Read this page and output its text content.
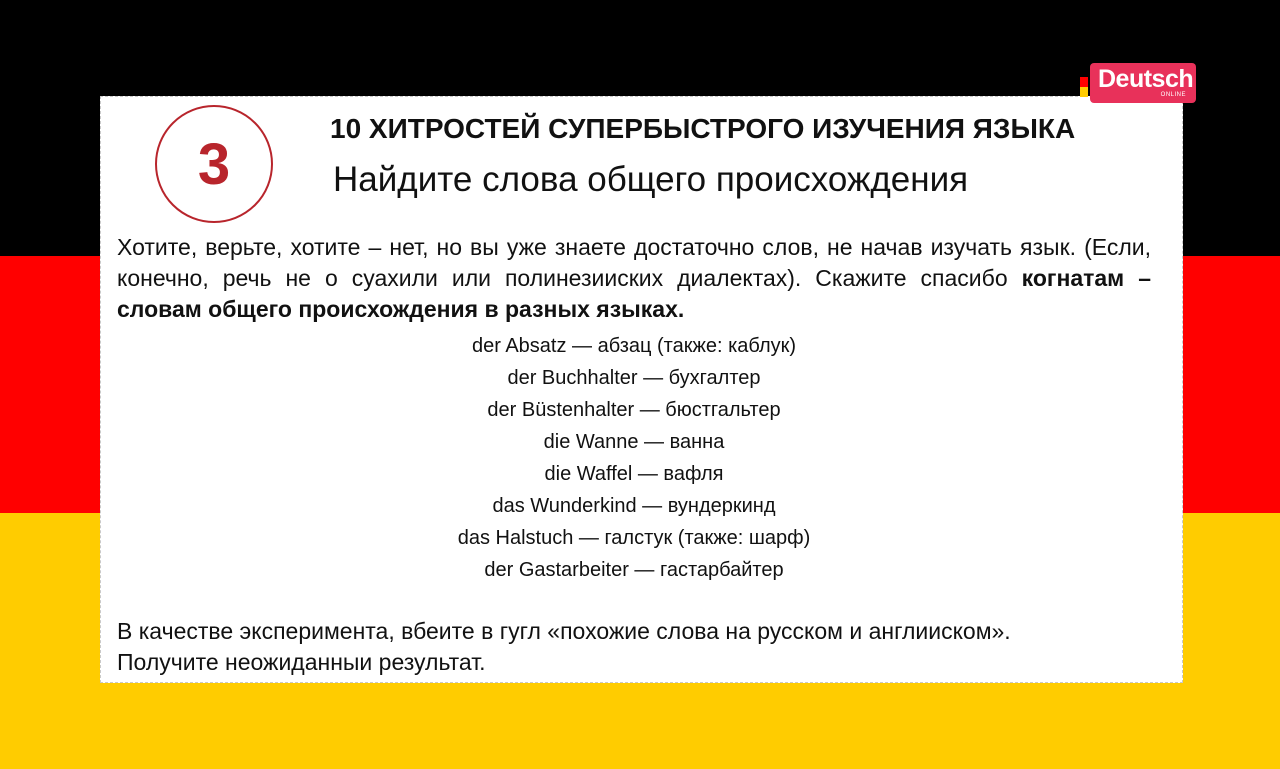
Deutsch
ONLINE
3
10 ХИТРОСТЕЙ СУПЕРБЫСТРОГО ИЗУЧЕНИЯ ЯЗЫКА
Найдите слова общего происхождения
Хотите, верьте, хотите – нет, но вы уже знаете достаточно слов, не начав изучать язык. (Если, конечно, речь не о суахили или полинезииских диалектах). Скажите спасибо когнатам – словам общего происхождения в разных языках.
der Absatz — абзац (также: каблук)
der Buchhalter — бухгалтер
der Büstenhalter — бюстгальтер
die Wanne — ванна
die Waffel — вафля
das Wunderkind — вундеркинд
das Halstuch — галстук (также: шарф)
der Gastarbeiter — гастарбайтер
В качестве эксперимента, вбеите в гугл «похожие слова на русском и англииском».
Получите неожиданныи результат.
